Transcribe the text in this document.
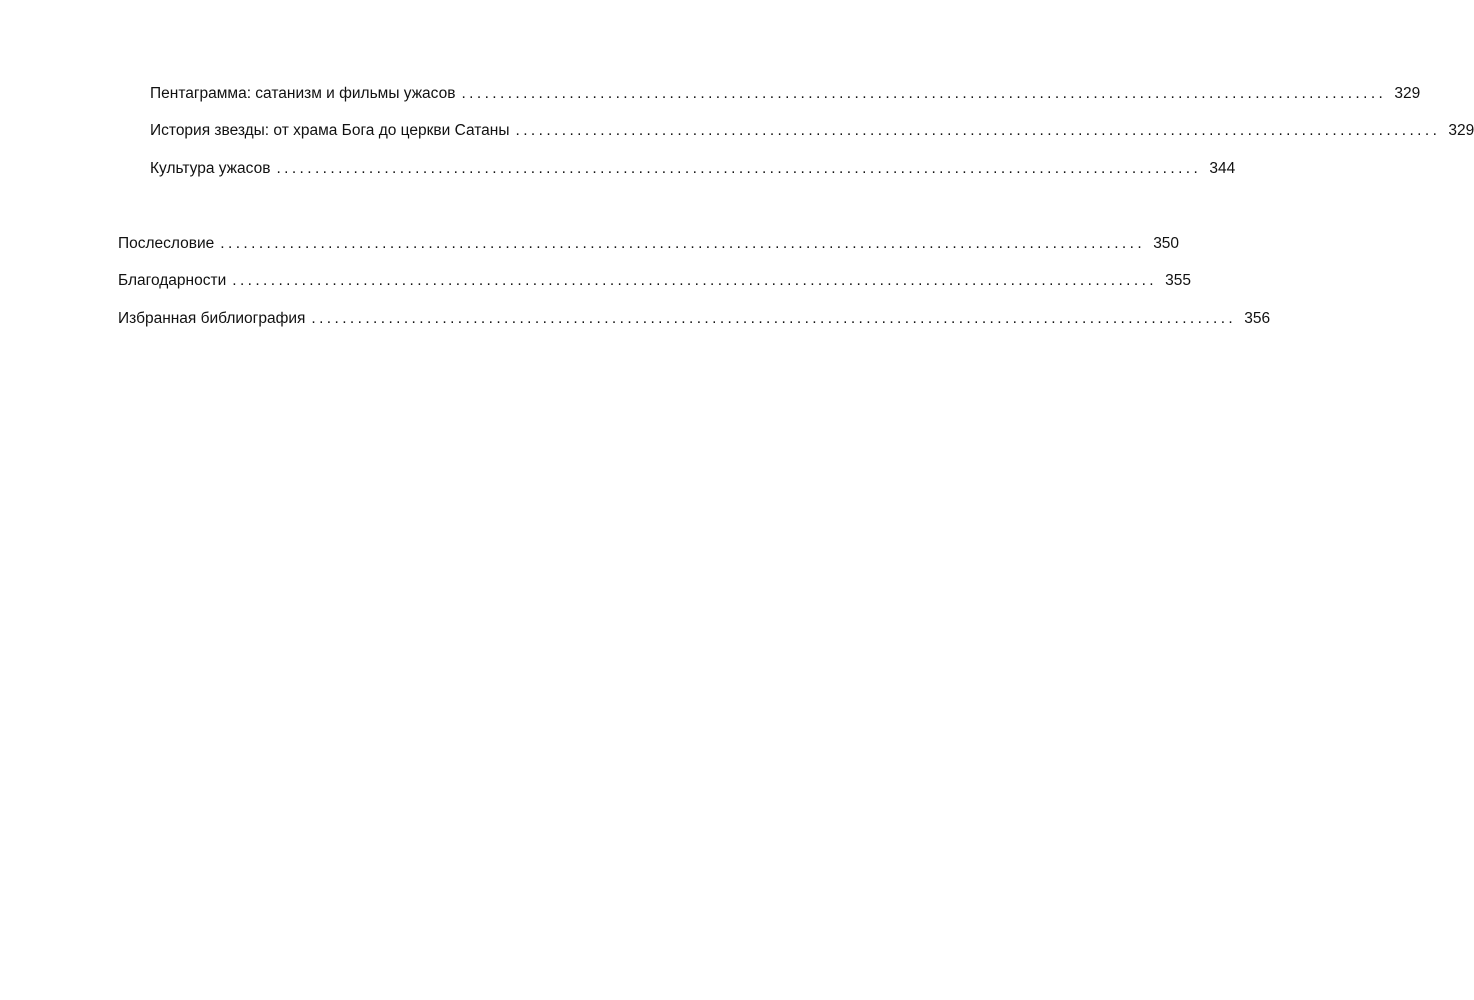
Пентаграмма: сатанизм и фильмы ужасов ........................................................................................................................ 329
История звезды: от храма Бога до церкви Сатаны ........................................................................................................................ 329
Культура ужасов ........................................................................................................................ 344
Послесловие ........................................................................................................................ 350
Благодарности ........................................................................................................................ 355
Избранная библиография ........................................................................................................................ 356
